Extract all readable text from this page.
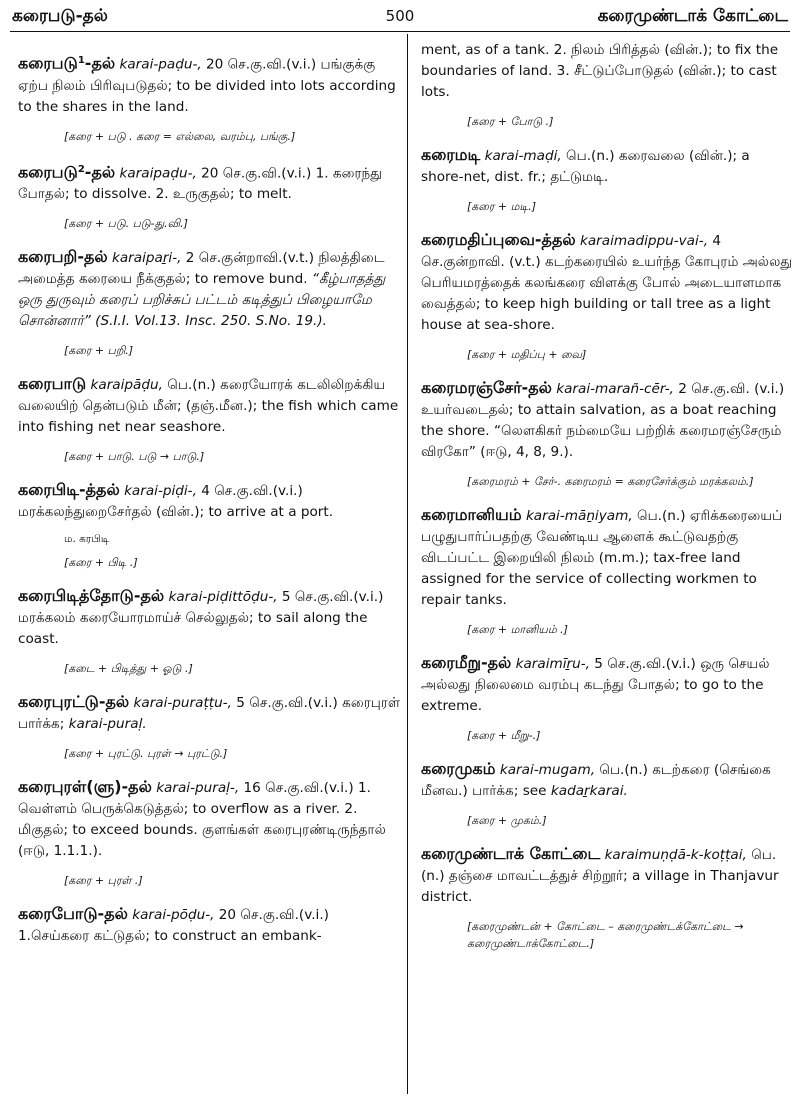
கரைபடு-தல்	500	கரைமுண்டாக் கோட்டை
கரைபடு$^1$-தல் karai-paḍu-, 20 செ.கு.வி.(v.i.) பங்குக்கு ஏற்ப நிலம் பிரிவுபடுதல்; to be divided into lots according to the shares in the land.
[கரை + படு . கரை = எல்லை, வரம்பு, பங்கு.]
கரைபடு$^2$-தல் karaipaḍu-, 20 செ.கு.வி.(v.i.) 1. கரைந்து போதல்; to dissolve. 2. உருகுதல்; to melt.
[கரை + படு. படு-து.வி.]
கரைபறி-தல் karaipaṟi-, 2 செ.குன்றாவி.(v.t.) நிலத்திடை அமைத்த கரையை நீக்குதல்; to remove bund. “கீழ்பாதத்து ஒரு துருவும் கரைப் பறிச்சுப் பட்டம் கடித்துப் பிழையாமே சொன்னார்” (S.I.I. Vol.13. Insc. 250. S.No. 19.).
[கரை + பறி.]
கரைபாடு karaipāḍu, பெ.(n.) கரையோரக் கடலிலிறக்கிய வலையிற் தென்படும் மீன்; (தஞ்.மீன.); the fish which came into fishing net near seashore.
[கரை + பாடு. படு → பாடு.]
கரைபிடி-த்தல் karai-piḍi-, 4 செ.கு.வி.(v.i.) மரக்கலந்துறைசேர்தல் (வின்.); to arrive at a port.
ம. கரபிடி
[கரை + பிடி .]
கரைபிடித்தோடு-தல் karai-piḍittōḍu-, 5 செ.கு.வி.(v.i.) மரக்கலம் கரையோரமாய்ச் செல்லுதல்; to sail along the coast.
[கடை + பிடித்து + ஓடு .]
கரைபுரட்டு-தல் karai-puraṭṭu-, 5 செ.கு.வி.(v.i.) கரைபுரள் பார்க்க; karai-puraḷ.
[கரை + புரட்டு. புரள் → புரட்டு.]
கரைபுரள்(ளு)-தல் karai-puraḷ-, 16 செ.கு.வி.(v.i.) 1. வெள்ளம் பெருக்கெடுத்தல்; to overflow as a river. 2. மிகுதல்; to exceed bounds. குளங்கள் கரைபுரண்டிருந்தால் (ஈடு, 1.1.1.).
[கரை + புரள் .]
கரைபோடு-தல் karai-pōḍu-, 20 செ.கு.வி.(v.i.) 1.செய்கரை கட்டுதல்; to construct an embank-
ment, as of a tank. 2. நிலம் பிரித்தல் (வின்.); to fix the boundaries of land. 3. சீட்டுப்போடுதல் (வின்.); to cast lots.
[கரை + போடு .]
கரைமடி karai-maḍi, பெ.(n.) கரைவலை (வின்.); a shore-net, dist. fr.; தட்டுமடி.
[கரை + மடி.]
கரைமதிப்புவை-த்தல் karaimadippu-vai-, 4 செ.குன்றாவி. (v.t.) கடற்கரையில் உயர்ந்த கோபுரம் அல்லது பெரியமரத்தைக் கலங்கரை விளக்கு போல் அடையாளமாக வைத்தல்; to keep high building or tall tree as a light house at sea-shore.
[கரை + மதிப்பு + வை]
கரைமரஞ்சேர்-தல் karai-marañ-cēr-, 2 செ.கு.வி. (v.i.) உயர்வடைதல்; to attain salvation, as a boat reaching the shore. “லௌகிகர் நம்மையே பற்றிக் கரைமரஞ்சேரும் விரகோ” (ஈடு, 4, 8, 9.).
[கரைமரம் + சேர்-. கரைமரம் = கரைசேர்க்கும் மரக்கலம்.]
கரைமானியம் karai-māṉiyam, பெ.(n.) ஏரிக்கரையைப் பழுதுபார்ப்பதற்கு வேண்டிய ஆளைக் கூட்டுவதற்கு விடப்பட்ட இறையிலி நிலம் (m.m.); tax-free land assigned for the service of collecting workmen to repair tanks.
[கரை + மானியம் .]
கரைமீறு-தல் karaimīṟu-, 5 செ.கு.வி.(v.i.) ஒரு செயல் அல்லது நிலைமை வரம்பு கடந்து போதல்; to go to the extreme.
[கரை + மீறு-.]
கரைமுகம் karai-mugam, பெ.(n.) கடற்கரை (செங்கை மீனவ.) பார்க்க; see kadaṟkarai.
[கரை + முகம்.]
கரைமுண்டாக் கோட்டை karaimuṇḍā-k-koṭṭai, பெ.(n.) தஞ்சை மாவட்டத்துச் சிற்றூர்; a village in Thanjavur district.
[கரைமுண்டன் + கோட்டை – கரைமுண்டக்கோட்டை → கரைமுண்டாக்கோட்டை.]
